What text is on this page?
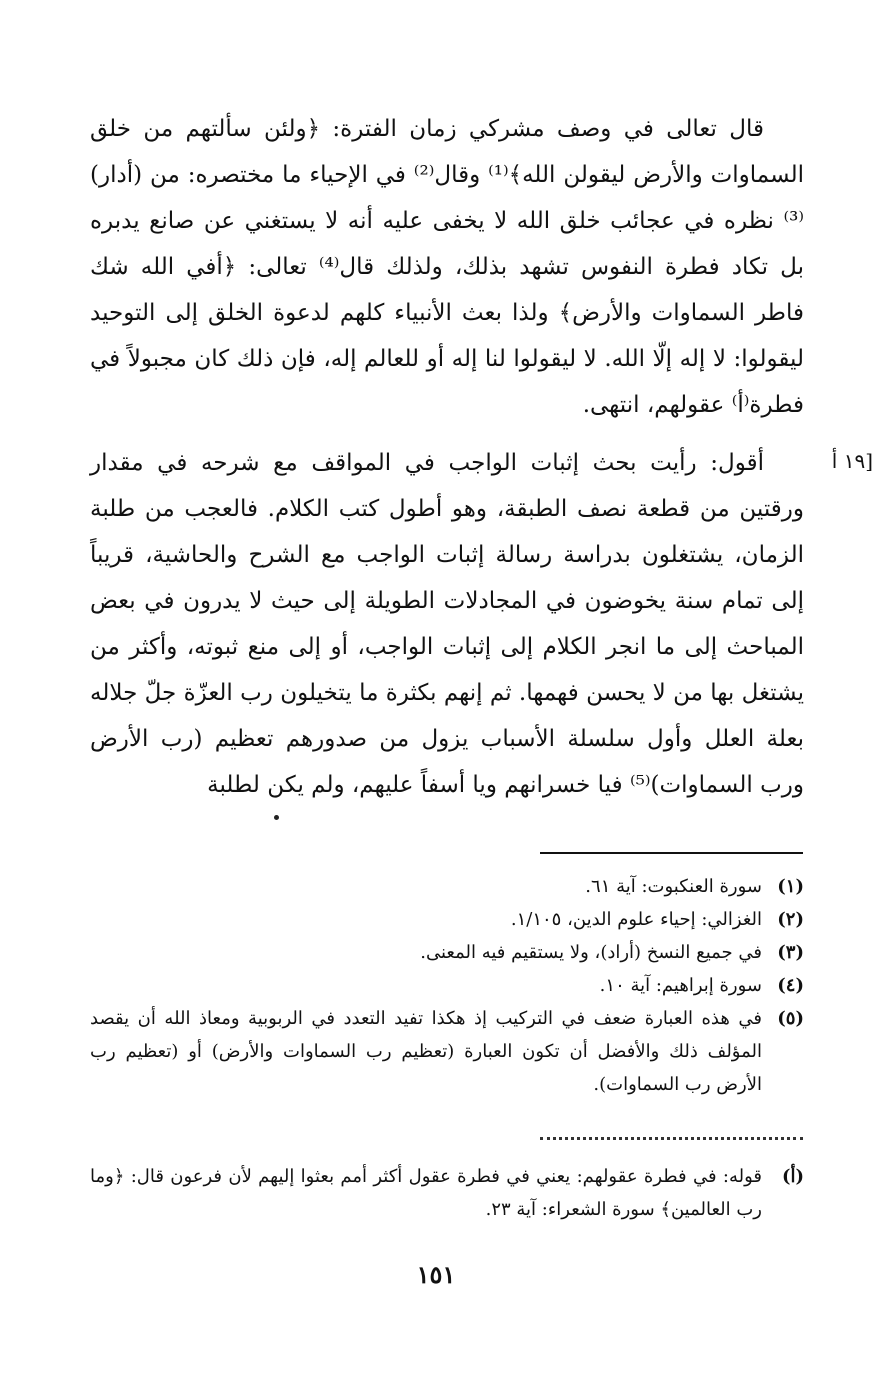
[١٩ أ

قال تعالى في وصف مشركي زمان الفترة: ﴿ولئن سألتهم من خلق السماوات والأرض ليقولن الله﴾⁽¹⁾ وقال⁽²⁾ في الإحياء ما مختصره: من (أدار)⁽³⁾ نظره في عجائب خلق الله لا يخفى عليه أنه لا يستغني عن صانع يدبره بل تكاد فطرة النفوس تشهد بذلك، ولذلك قال⁽⁴⁾ تعالى: ﴿أفي الله شك فاطر السماوات والأرض﴾ ولذا بعث الأنبياء كلهم لدعوة الخلق إلى التوحيد ليقولوا: لا إله إلّا الله. لا ليقولوا لنا إله أو للعالم إله، فإن ذلك كان مجبولاً في فطرة⁽أ⁾ عقولهم، انتهى.

أقول: رأيت بحث إثبات الواجب في المواقف مع شرحه في مقدار ورقتين من قطعة نصف الطبقة، وهو أطول كتب الكلام. فالعجب من طلبة الزمان، يشتغلون بدراسة رسالة إثبات الواجب مع الشرح والحاشية، قريباً إلى تمام سنة يخوضون في المجادلات الطويلة إلى حيث لا يدرون في بعض المباحث إلى ما انجر الكلام إلى إثبات الواجب، أو إلى منع ثبوته، وأكثر من يشتغل بها من لا يحسن فهمها. ثم إنهم بكثرة ما يتخيلون رب العزّة جلّ جلاله بعلة العلل وأول سلسلة الأسباب يزول من صدورهم تعظيم (رب الأرض ورب السماوات)⁽⁵⁾ فيا خسرانهم ويا أسفاً عليهم، ولم يكن لطلبة

(١)
سورة العنكبوت: آية ٦١.
(٢)
الغزالي: إحياء علوم الدين، ١/١٠٥.
(٣)
في جميع النسخ (أراد)، ولا يستقيم فيه المعنى.
(٤)
سورة إبراهيم: آية ١٠.
(٥)
في هذه العبارة ضعف في التركيب إذ هكذا تفيد التعدد في الربوبية ومعاذ الله أن يقصد المؤلف ذلك والأفضل أن تكون العبارة (تعظيم رب السماوات والأرض) أو (تعظيم رب الأرض رب السماوات).
(أ)
قوله: في فطرة عقولهم: يعني في فطرة عقول أكثر أمم بعثوا إليهم لأن فرعون قال: ﴿وما رب العالمين﴾ سورة الشعراء: آية ٢٣.
١٥١
